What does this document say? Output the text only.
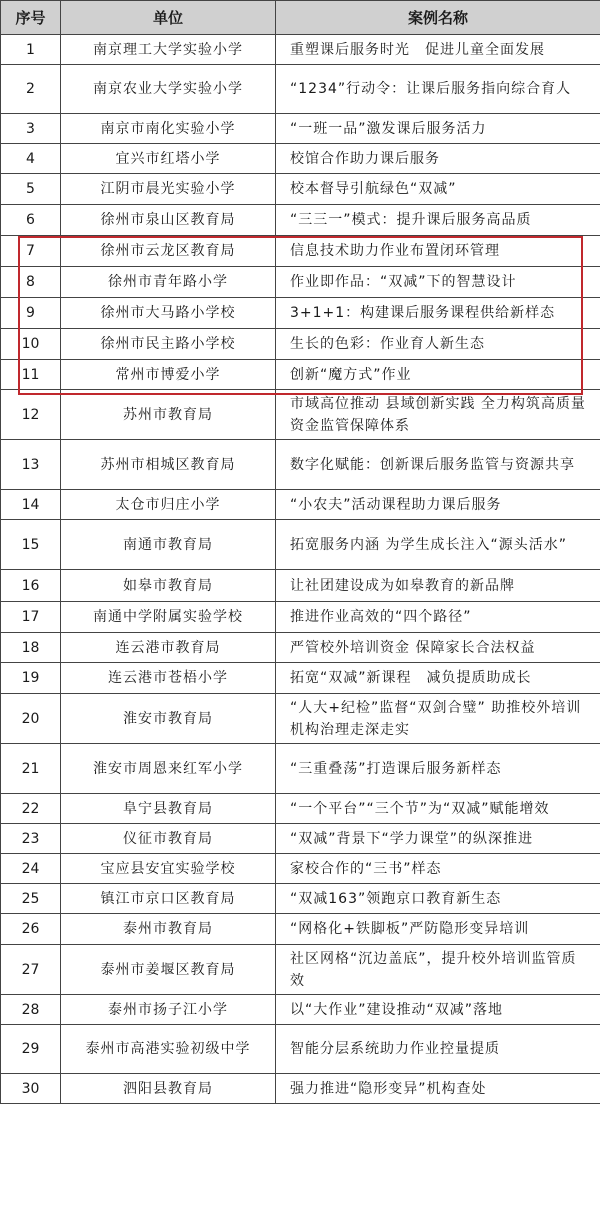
序号	单位	案例名称
1	南京理工大学实验小学	重塑课后服务时光　促进儿童全面发展
2	南京农业大学实验小学	“1234”行动令：让课后服务指向综合育人
3	南京市南化实验小学	“一班一品”激发课后服务活力
4	宜兴市红塔小学	校馆合作助力课后服务
5	江阴市晨光实验小学	校本督导引航绿色“双减”
6	徐州市泉山区教育局	“三三一”模式：提升课后服务高品质
7	徐州市云龙区教育局	信息技术助力作业布置闭环管理
8	徐州市青年路小学	作业即作品：“双减”下的智慧设计
9	徐州市大马路小学校	3+1+1：构建课后服务课程供给新样态
10	徐州市民主路小学校	生长的色彩：作业育人新生态
11	常州市博爱小学	创新“魔方式”作业
12	苏州市教育局	市域高位推动 县域创新实践 全力构筑高质量资金监管保障体系
13	苏州市相城区教育局	数字化赋能：创新课后服务监管与资源共享
14	太仓市归庄小学	“小农夫”活动课程助力课后服务
15	南通市教育局	拓宽服务内涵 为学生成长注入“源头活水”
16	如皋市教育局	让社团建设成为如皋教育的新品牌
17	南通中学附属实验学校	推进作业高效的“四个路径”
18	连云港市教育局	严管校外培训资金 保障家长合法权益
19	连云港市苍梧小学	拓宽“双减”新课程　减负提质助成长
20	淮安市教育局	“人大+纪检”监督“双剑合璧” 助推校外培训机构治理走深走实
21	淮安市周恩来红军小学	“三重叠荡”打造课后服务新样态
22	阜宁县教育局	“一个平台”“三个节”为“双减”赋能增效
23	仪征市教育局	“双减”背景下“学力课堂”的纵深推进
24	宝应县安宜实验学校	家校合作的“三书”样态
25	镇江市京口区教育局	“双减163”领跑京口教育新生态
26	泰州市教育局	“网格化+铁脚板”严防隐形变异培训
27	泰州市姜堰区教育局	社区网格“沉边盖底”，提升校外培训监管质效
28	泰州市扬子江小学	以“大作业”建设推动“双减”落地
29	泰州市高港实验初级中学	智能分层系统助力作业控量提质
30	泗阳县教育局	强力推进“隐形变异”机构查处
